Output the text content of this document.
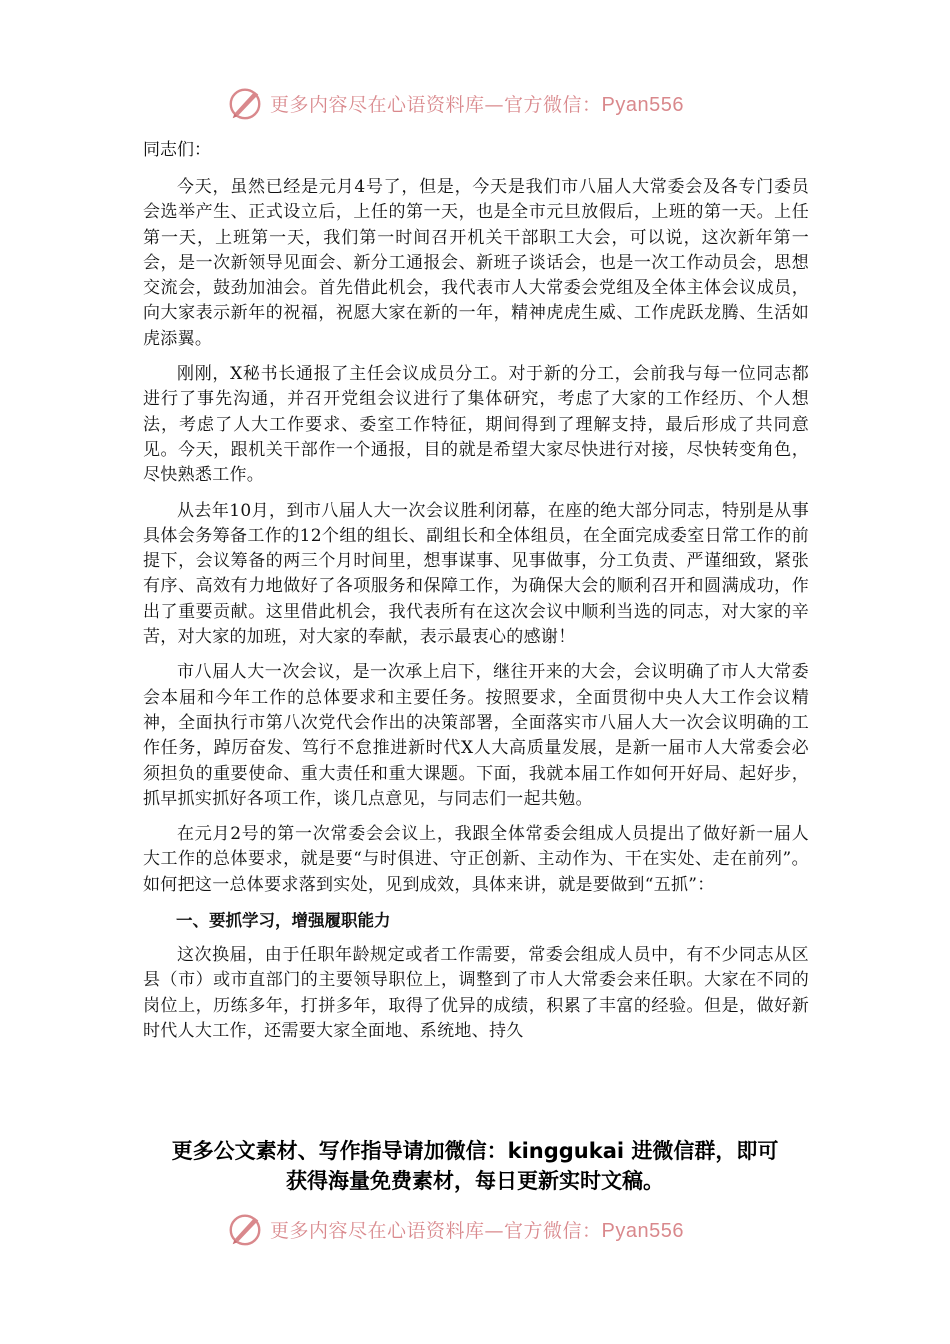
更多内容尽在心语资料库—官方微信：Pyan556
同志们：

今天，虽然已经是元月4号了，但是，今天是我们市八届人大常委会及各专门委员会选举产生、正式设立后，上任的第一天，也是全市元旦放假后，上班的第一天。上任第一天，上班第一天，我们第一时间召开机关干部职工大会，可以说，这次新年第一会，是一次新领导见面会、新分工通报会、新班子谈话会，也是一次工作动员会，思想交流会，鼓劲加油会。首先借此机会，我代表市人大常委会党组及全体主体会议成员，向大家表示新年的祝福，祝愿大家在新的一年，精神虎虎生威、工作虎跃龙腾、生活如虎添翼。

刚刚，X秘书长通报了主任会议成员分工。对于新的分工，会前我与每一位同志都进行了事先沟通，并召开党组会议进行了集体研究，考虑了大家的工作经历、个人想法，考虑了人大工作要求、委室工作特征，期间得到了理解支持，最后形成了共同意见。今天，跟机关干部作一个通报，目的就是希望大家尽快进行对接，尽快转变角色，尽快熟悉工作。

从去年10月，到市八届人大一次会议胜利闭幕，在座的绝大部分同志，特别是从事具体会务筹备工作的12个组的组长、副组长和全体组员，在全面完成委室日常工作的前提下，会议筹备的两三个月时间里，想事谋事、见事做事，分工负责、严谨细致，紧张有序、高效有力地做好了各项服务和保障工作，为确保大会的顺利召开和圆满成功，作出了重要贡献。这里借此机会，我代表所有在这次会议中顺利当选的同志，对大家的辛苦，对大家的加班，对大家的奉献，表示最衷心的感谢！

市八届人大一次会议，是一次承上启下，继往开来的大会，会议明确了市人大常委会本届和今年工作的总体要求和主要任务。按照要求，全面贯彻中央人大工作会议精神，全面执行市第八次党代会作出的决策部署，全面落实市八届人大一次会议明确的工作任务，踔厉奋发、笃行不怠推进新时代X人大高质量发展，是新一届市人大常委会必须担负的重要使命、重大责任和重大课题。下面，我就本届工作如何开好局、起好步，抓早抓实抓好各项工作，谈几点意见，与同志们一起共勉。

在元月2号的第一次常委会会议上，我跟全体常委会组成人员提出了做好新一届人大工作的总体要求，就是要“与时俱进、守正创新、主动作为、干在实处、走在前列”。如何把这一总体要求落到实处，见到成效，具体来讲，就是要做到“五抓”：

一、要抓学习，增强履职能力

这次换届，由于任职年龄规定或者工作需要，常委会组成人员中，有不少同志从区县（市）或市直部门的主要领导职位上，调整到了市人大常委会来任职。大家在不同的岗位上，历练多年，打拼多年，取得了优异的成绩，积累了丰富的经验。但是，做好新时代人大工作，还需要大家全面地、系统地、持久

更多公文素材、写作指导请加微信：kinggukai 进微信群，即可
获得海量免费素材，每日更新实时文稿。
更多内容尽在心语资料库—官方微信：Pyan556
